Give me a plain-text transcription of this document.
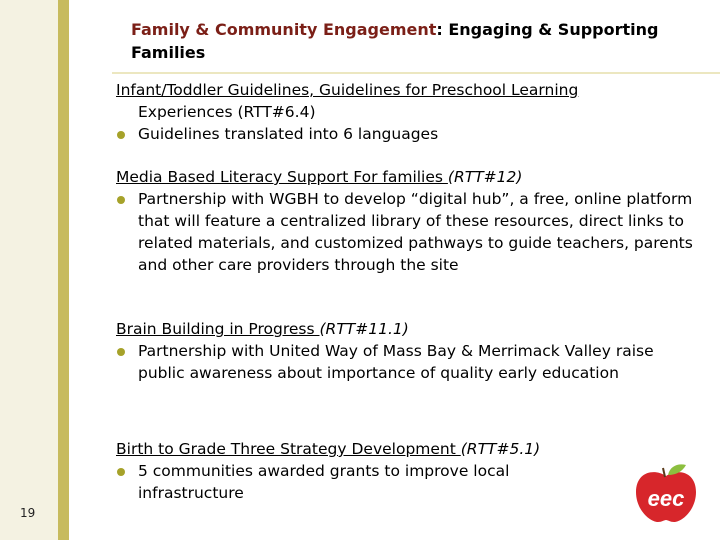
Family & Community Engagement: Engaging & Supporting Families
Infant/Toddler Guidelines, Guidelines for Preschool Learning
Experiences (RTT#6.4)
Guidelines translated into 6 languages
Media Based Literacy Support For families (RTT#12)
Partnership with WGBH to develop “digital hub”, a free, online platform that will feature a centralized library of these resources, direct links to related materials, and customized pathways to guide teachers, parents and other care providers through the site
Brain Building in Progress (RTT#11.1)
Partnership with United Way of Mass Bay & Merrimack Valley raise public awareness about importance of quality early education
Birth to Grade Three Strategy Development (RTT#5.1)
5 communities awarded grants to improve local infrastructure
19
eec
